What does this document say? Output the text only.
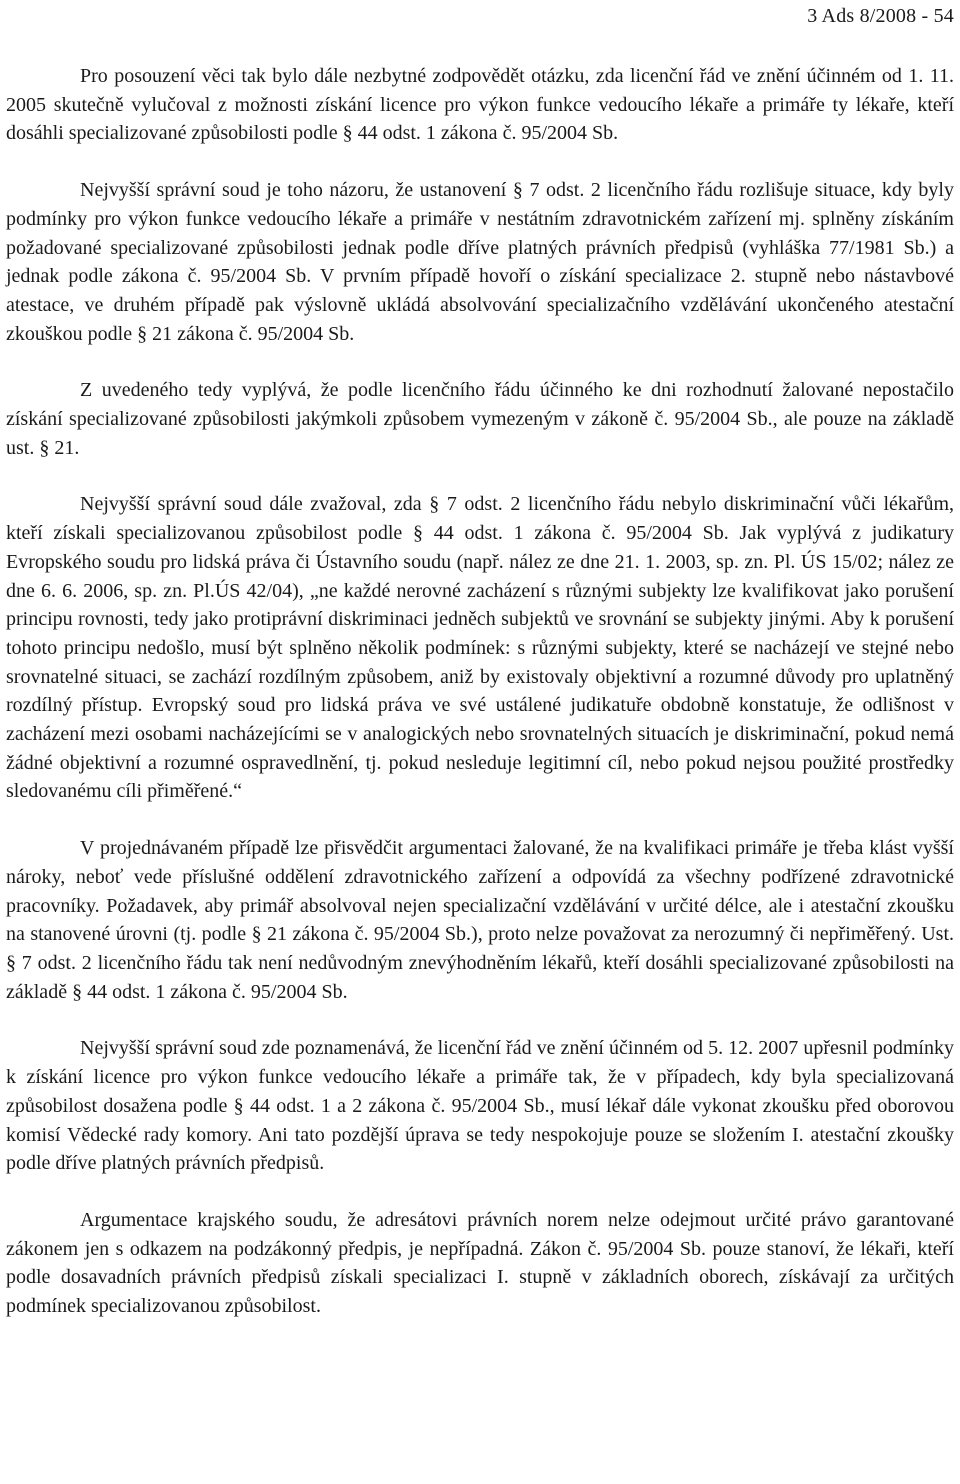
3 Ads 8/2008 - 54

Pro posouzení věci tak bylo dále nezbytné zodpovědět otázku, zda licenční řád ve znění účinném od 1. 11. 2005 skutečně vylučoval z možnosti získání licence pro výkon funkce vedoucího lékaře a primáře ty lékaře, kteří dosáhli specializované způsobilosti podle § 44 odst. 1 zákona č. 95/2004 Sb.

Nejvyšší správní soud je toho názoru, že ustanovení § 7 odst. 2 licenčního řádu rozlišuje situace, kdy byly podmínky pro výkon funkce vedoucího lékaře a primáře v nestátním zdravotnickém zařízení mj. splněny získáním požadované specializované způsobilosti jednak podle dříve platných právních předpisů (vyhláška 77/1981 Sb.) a jednak podle zákona č. 95/2004 Sb. V prvním případě hovoří o získání specializace 2. stupně nebo nástavbové atestace, ve druhém případě pak výslovně ukládá absolvování specializačního vzdělávání ukončeného atestační zkouškou podle § 21 zákona č. 95/2004 Sb.

Z uvedeného tedy vyplývá, že podle licenčního řádu účinného ke dni rozhodnutí žalované nepostačilo získání specializované způsobilosti jakýmkoli způsobem vymezeným v zákoně č. 95/2004 Sb., ale pouze na základě ust. § 21.

Nejvyšší správní soud dále zvažoval, zda § 7 odst. 2 licenčního řádu nebylo diskriminační vůči lékařům, kteří získali specializovanou způsobilost podle § 44 odst. 1 zákona č. 95/2004 Sb. Jak vyplývá z judikatury Evropského soudu pro lidská práva či Ústavního soudu (např. nález ze dne 21. 1. 2003, sp. zn. Pl. ÚS 15/02; nález ze dne 6. 6. 2006, sp. zn. Pl.ÚS 42/04), „ne každé nerovné zacházení s různými subjekty lze kvalifikovat jako porušení principu rovnosti, tedy jako protiprávní diskriminaci jedněch subjektů ve srovnání se subjekty jinými. Aby k porušení tohoto principu nedošlo, musí být splněno několik podmínek: s různými subjekty, které se nacházejí ve stejné nebo srovnatelné situaci, se zachází rozdílným způsobem, aniž by existovaly objektivní a rozumné důvody pro uplatněný rozdílný přístup. Evropský soud pro lidská práva ve své ustálené judikatuře obdobně konstatuje, že odlišnost v zacházení mezi osobami nacházejícími se v analogických nebo srovnatelných situacích je diskriminační, pokud nemá žádné objektivní a rozumné ospravedlnění, tj. pokud nesleduje legitimní cíl, nebo pokud nejsou použité prostředky sledovanému cíli přiměřené.“

V projednávaném případě lze přisvědčit argumentaci žalované, že na kvalifikaci primáře je třeba klást vyšší nároky, neboť vede příslušné oddělení zdravotnického zařízení a odpovídá za všechny podřízené zdravotnické pracovníky. Požadavek, aby primář absolvoval nejen specializační vzdělávání v určité délce, ale i atestační zkoušku na stanovené úrovni (tj. podle § 21 zákona č. 95/2004 Sb.), proto nelze považovat za nerozumný či nepřiměřený. Ust. § 7 odst. 2 licenčního řádu tak není nedůvodným znevýhodněním lékařů, kteří dosáhli specializované způsobilosti na základě § 44 odst. 1 zákona č. 95/2004 Sb.

Nejvyšší správní soud zde poznamenává, že licenční řád ve znění účinném od 5. 12. 2007 upřesnil podmínky k získání licence pro výkon funkce vedoucího lékaře a primáře tak, že v případech, kdy byla specializovaná způsobilost dosažena podle § 44 odst. 1 a 2 zákona č. 95/2004 Sb., musí lékař dále vykonat zkoušku před oborovou komisí Vědecké rady komory. Ani tato pozdější úprava se tedy nespokojuje pouze se složením I. atestační zkoušky podle dříve platných právních předpisů.

Argumentace krajského soudu, že adresátovi právních norem nelze odejmout určité právo garantované zákonem jen s odkazem na podzákonný předpis, je nepřípadná. Zákon č. 95/2004 Sb. pouze stanoví, že lékaři, kteří podle dosavadních právních předpisů získali specializaci I. stupně v základních oborech, získávají za určitých podmínek specializovanou způsobilost.
